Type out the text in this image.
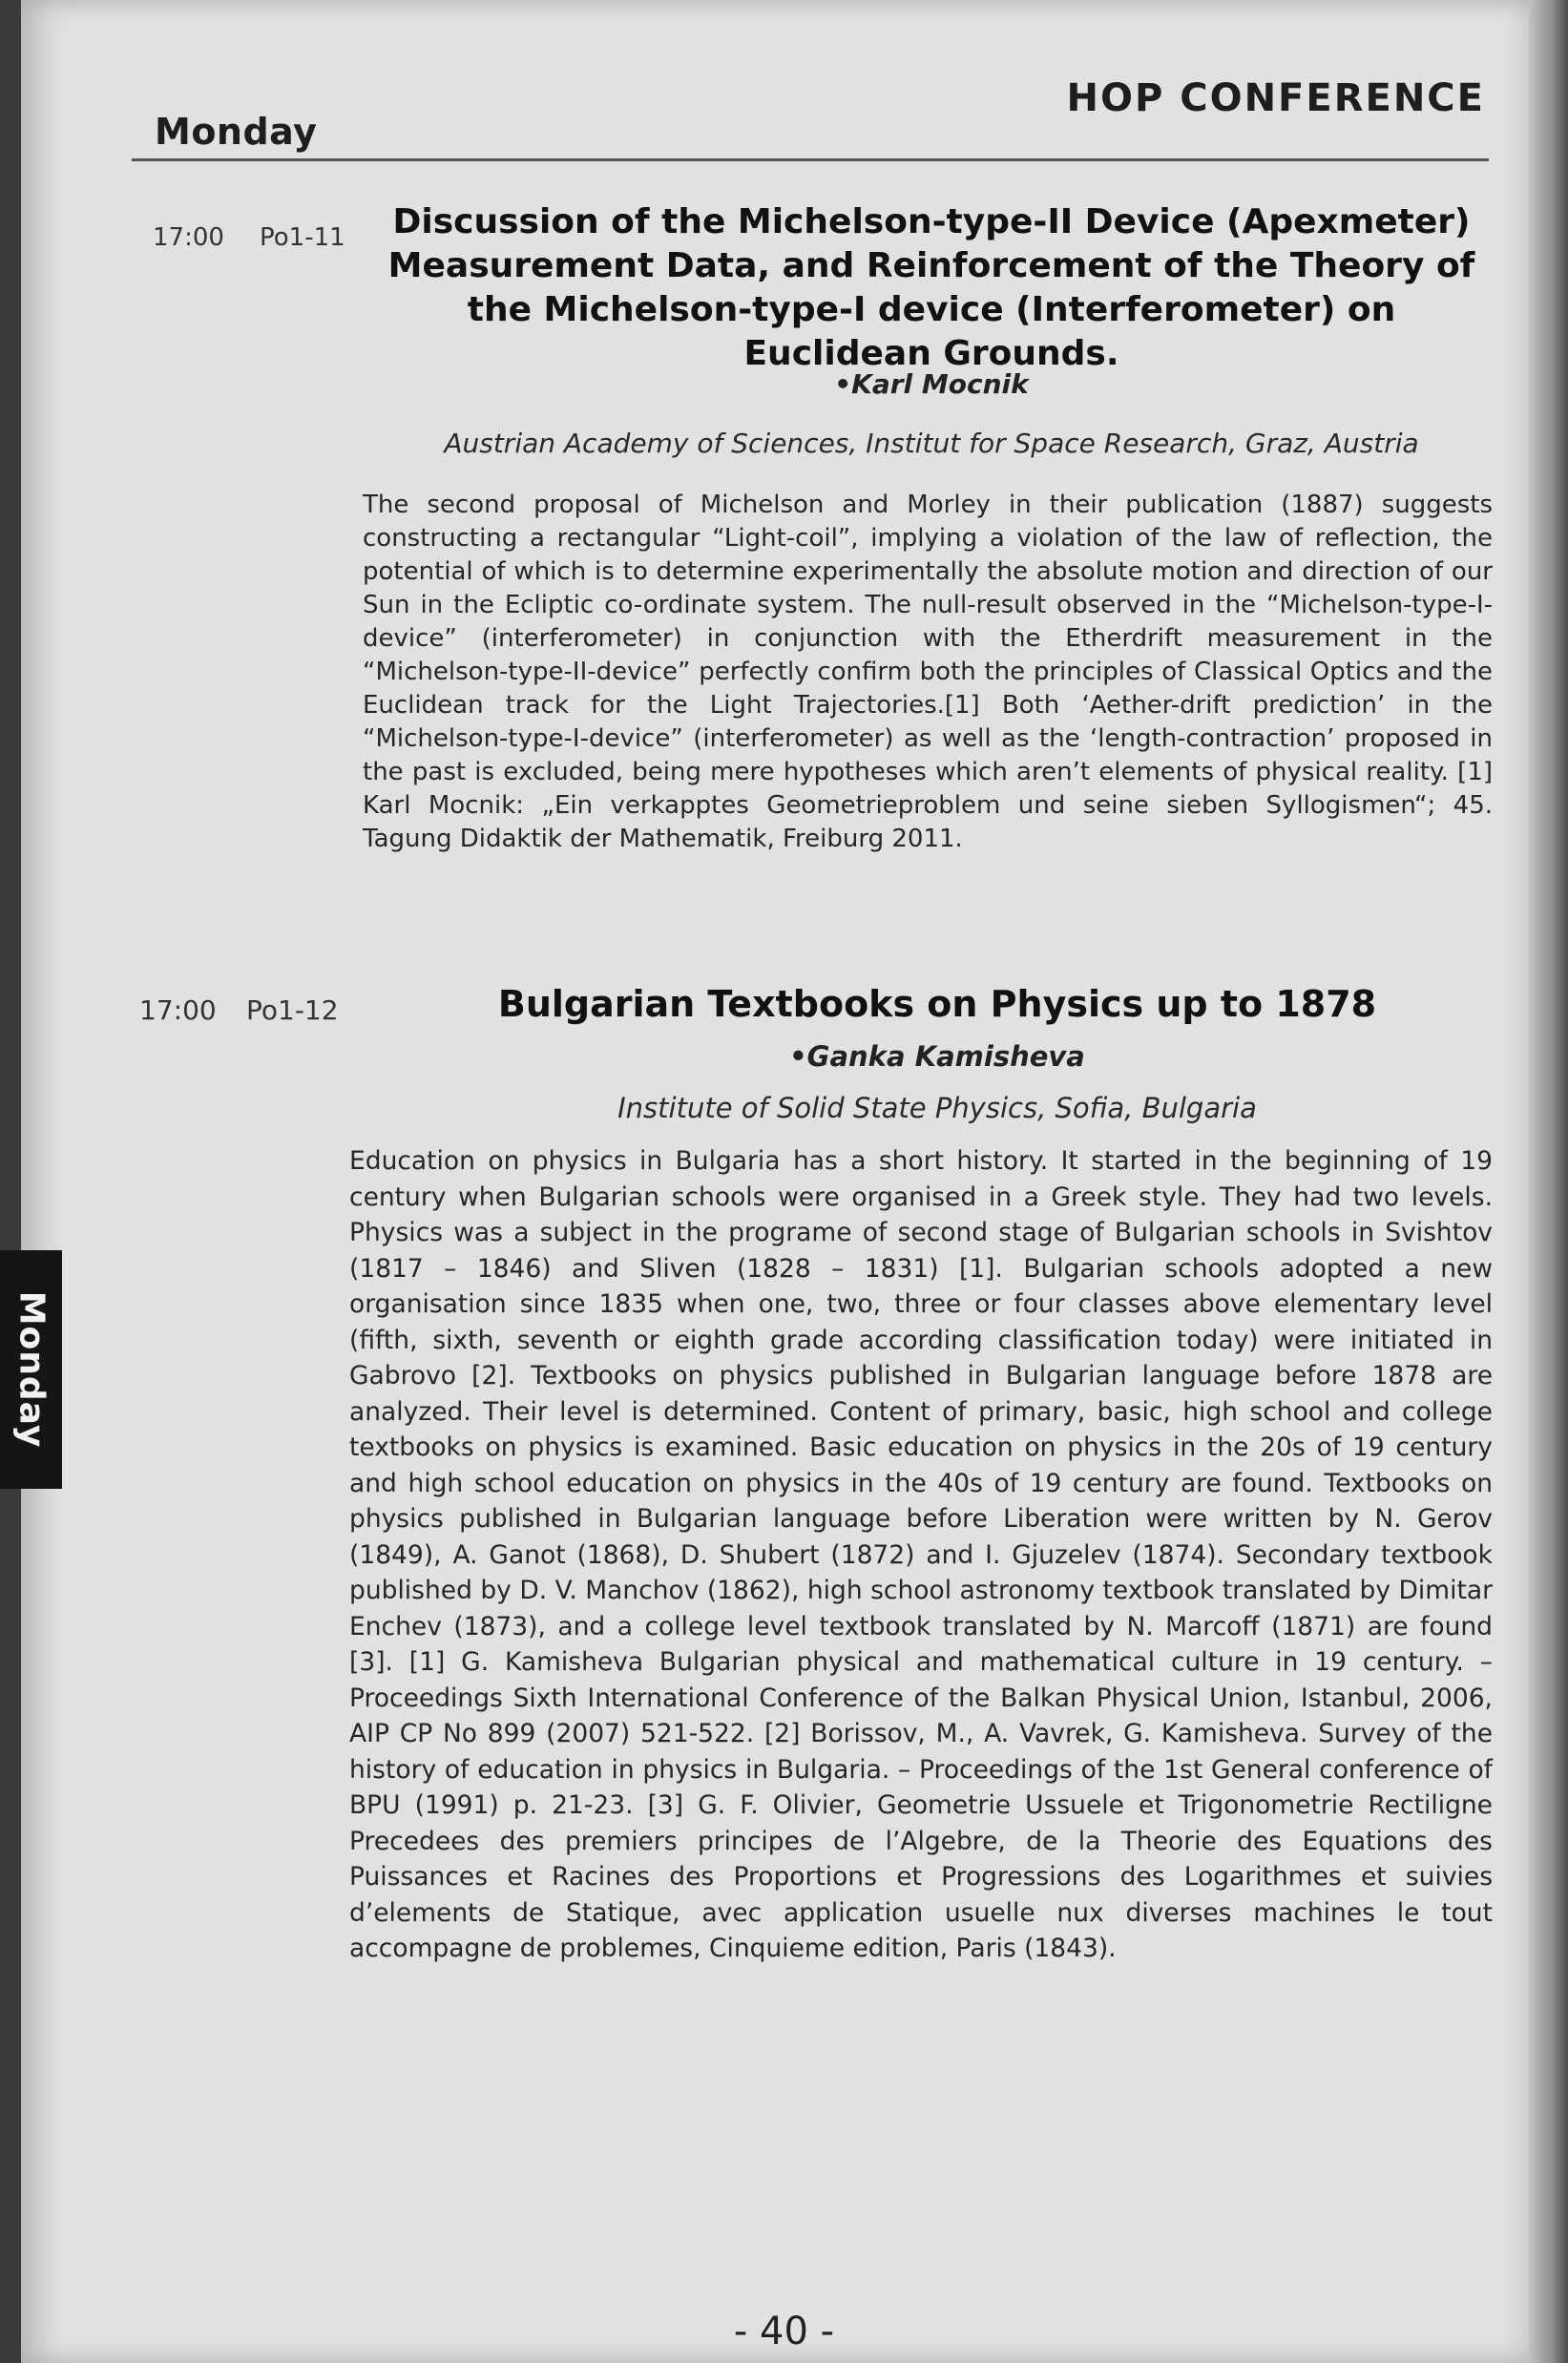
Monday
HOP CONFERENCE
17:00 Po1-11	Discussion of the Michelson-type-II Device (Apexmeter) Measurement Data, and Reinforcement of the Theory of the Michelson-type-I device (Interferometer) on Euclidean Grounds.
•Karl Mocnik
Austrian Academy of Sciences, Institut for Space Research, Graz, Austria
The second proposal of Michelson and Morley in their publication (1887) suggests constructing a rectangular “Light-coil”, implying a violation of the law of reflection, the potential of which is to determine experimentally the absolute motion and direction of our Sun in the Ecliptic co-ordinate system. The null-result observed in the “Michelson-type-I-device” (interferometer) in conjunction with the Etherdrift measurement in the “Michelson-type-II-device” perfectly confirm both the principles of Classical Optics and the Euclidean track for the Light Trajectories.[1] Both ‘Aether-drift prediction’ in the “Michelson-type-I-device” (interferometer) as well as the ‘length-contraction’ proposed in the past is excluded, being mere hypotheses which aren’t elements of physical reality. [1] Karl Mocnik: „Ein verkapptes Geometrieproblem und seine sieben Syllogismen“; 45. Tagung Didaktik der Mathematik, Freiburg 2011.
17:00 Po1-12	Bulgarian Textbooks on Physics up to 1878
•Ganka Kamisheva
Institute of Solid State Physics, Sofia, Bulgaria
Education on physics in Bulgaria has a short history. It started in the beginning of 19 century when Bulgarian schools were organised in a Greek style. They had two levels. Physics was a subject in the programe of second stage of Bulgarian schools in Svishtov (1817 – 1846) and Sliven (1828 – 1831) [1]. Bulgarian schools adopted a new organisation since 1835 when one, two, three or four classes above elementary level (fifth, sixth, seventh or eighth grade according classification today) were initiated in Gabrovo [2]. Textbooks on physics published in Bulgarian language before 1878 are analyzed. Their level is determined. Content of primary, basic, high school and college textbooks on physics is examined. Basic education on physics in the 20s of 19 century and high school education on physics in the 40s of 19 century are found. Textbooks on physics published in Bulgarian language before Liberation were written by N. Gerov (1849), A. Ganot (1868), D. Shubert (1872) and I. Gjuzelev (1874). Secondary textbook published by D. V. Manchov (1862), high school astronomy textbook translated by Dimitar Enchev (1873), and a college level textbook translated by N. Marcoff (1871) are found [3]. [1] G. Kamisheva Bulgarian physical and mathematical culture in 19 century. – Proceedings Sixth International Conference of the Balkan Physical Union, Istanbul, 2006, AIP CP No 899 (2007) 521-522. [2] Borissov, M., A. Vavrek, G. Kamisheva. Survey of the history of education in physics in Bulgaria. – Proceedings of the 1st General conference of BPU (1991) p. 21-23. [3] G. F. Olivier, Geometrie Ussuele et Trigonometrie Rectiligne Precedees des premiers principes de l’Algebre, de la Theorie des Equations des Puissances et Racines des Proportions et Progressions des Logarithmes et suivies d’elements de Statique, avec application usuelle nux diverses machines le tout accompagne de problemes, Cinquieme edition, Paris (1843).
Monday
- 40 -
